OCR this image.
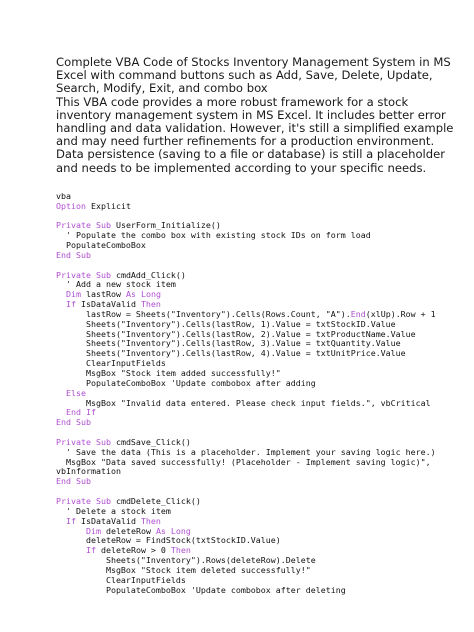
Complete VBA Code of Stocks Inventory Management System in MS
Excel with command buttons such as Add, Save, Delete, Update,
Search, Modify, Exit, and combo box
This VBA code provides a more robust framework for a stock
inventory management system in MS Excel. It includes better error
handling and data validation. However, it's still a simplified example
and may need further refinements for a production environment.
Data persistence (saving to a file or database) is still a placeholder
and needs to be implemented according to your specific needs.
vba
Option Explicit
Private Sub UserForm_Initialize()
' Populate the combo box with existing stock IDs on form load
PopulateComboBox
End Sub
Private Sub cmdAdd_Click()
' Add a new stock item
Dim lastRow As Long
If IsDataValid Then
lastRow = Sheets("Inventory").Cells(Rows.Count, "A").End(xlUp).Row + 1
Sheets("Inventory").Cells(lastRow, 1).Value = txtStockID.Value
Sheets("Inventory").Cells(lastRow, 2).Value = txtProductName.Value
Sheets("Inventory").Cells(lastRow, 3).Value = txtQuantity.Value
Sheets("Inventory").Cells(lastRow, 4).Value = txtUnitPrice.Value
ClearInputFields
MsgBox "Stock item added successfully!"
PopulateComboBox 'Update combobox after adding
Else
MsgBox "Invalid data entered. Please check input fields.", vbCritical
End If
End Sub
Private Sub cmdSave_Click()
' Save the data (This is a placeholder. Implement your saving logic here.)
MsgBox "Data saved successfully! (Placeholder - Implement saving logic)",
vbInformation
End Sub
Private Sub cmdDelete_Click()
' Delete a stock item
If IsDataValid Then
Dim deleteRow As Long
deleteRow = FindStock(txtStockID.Value)
If deleteRow > 0 Then
Sheets("Inventory").Rows(deleteRow).Delete
MsgBox "Stock item deleted successfully!"
ClearInputFields
PopulateComboBox 'Update combobox after deleting
